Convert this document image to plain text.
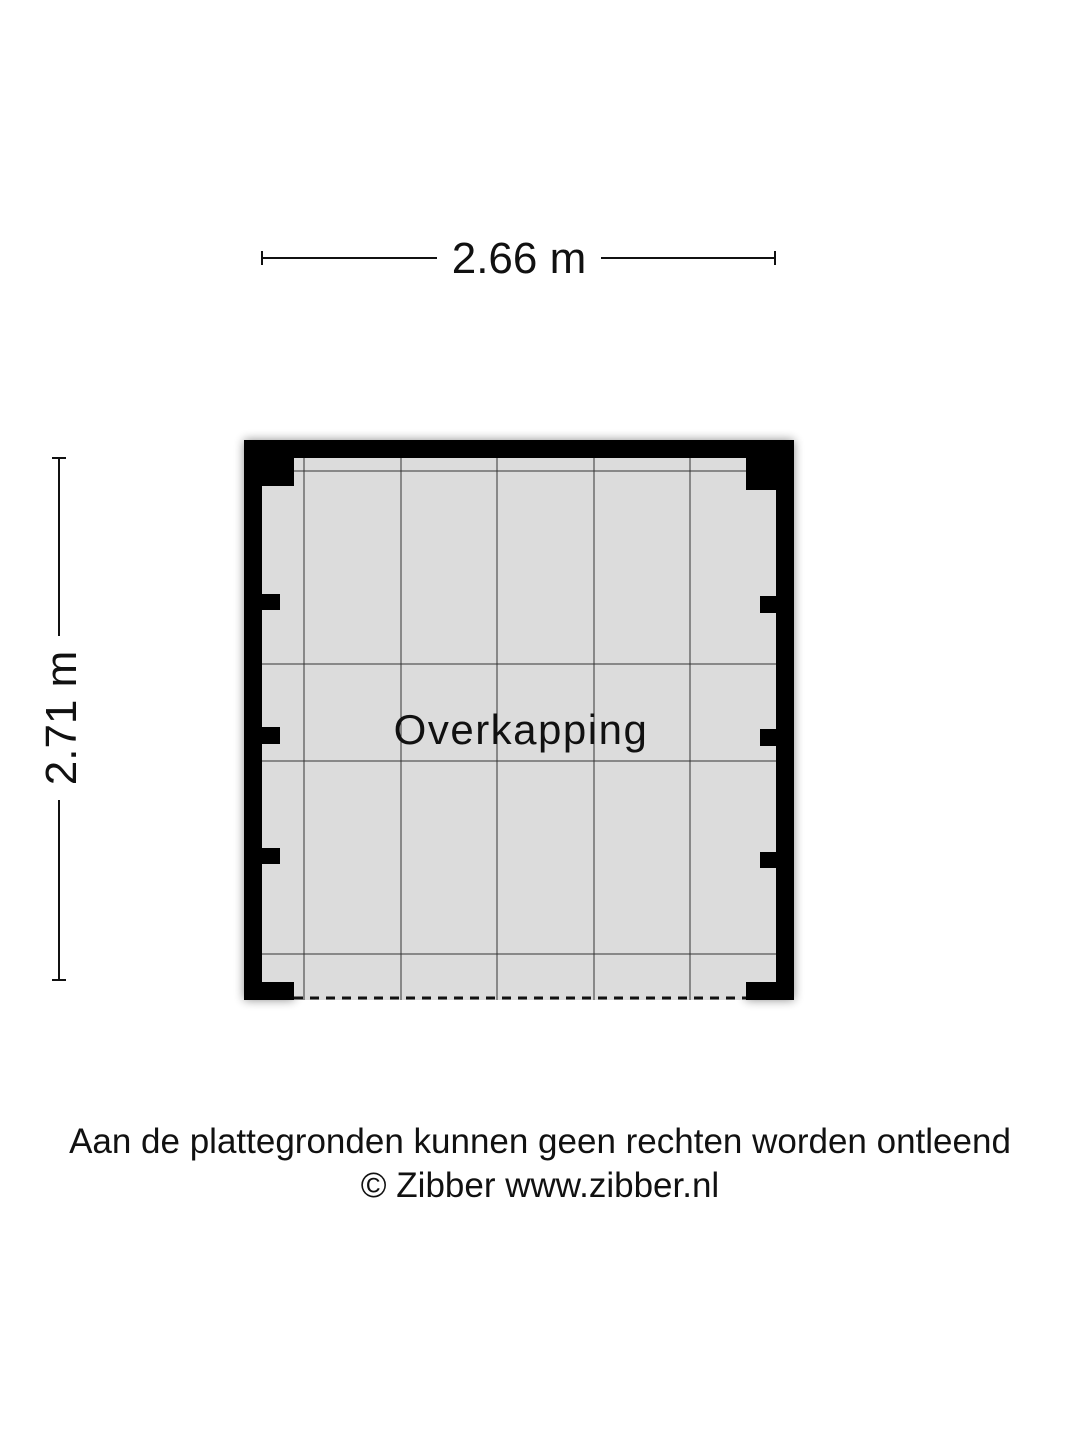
2.66 m
2.71 m	Overkapping
Aan de plattegronden kunnen geen rechten worden ontleend
© Zibber www.zibber.nl
